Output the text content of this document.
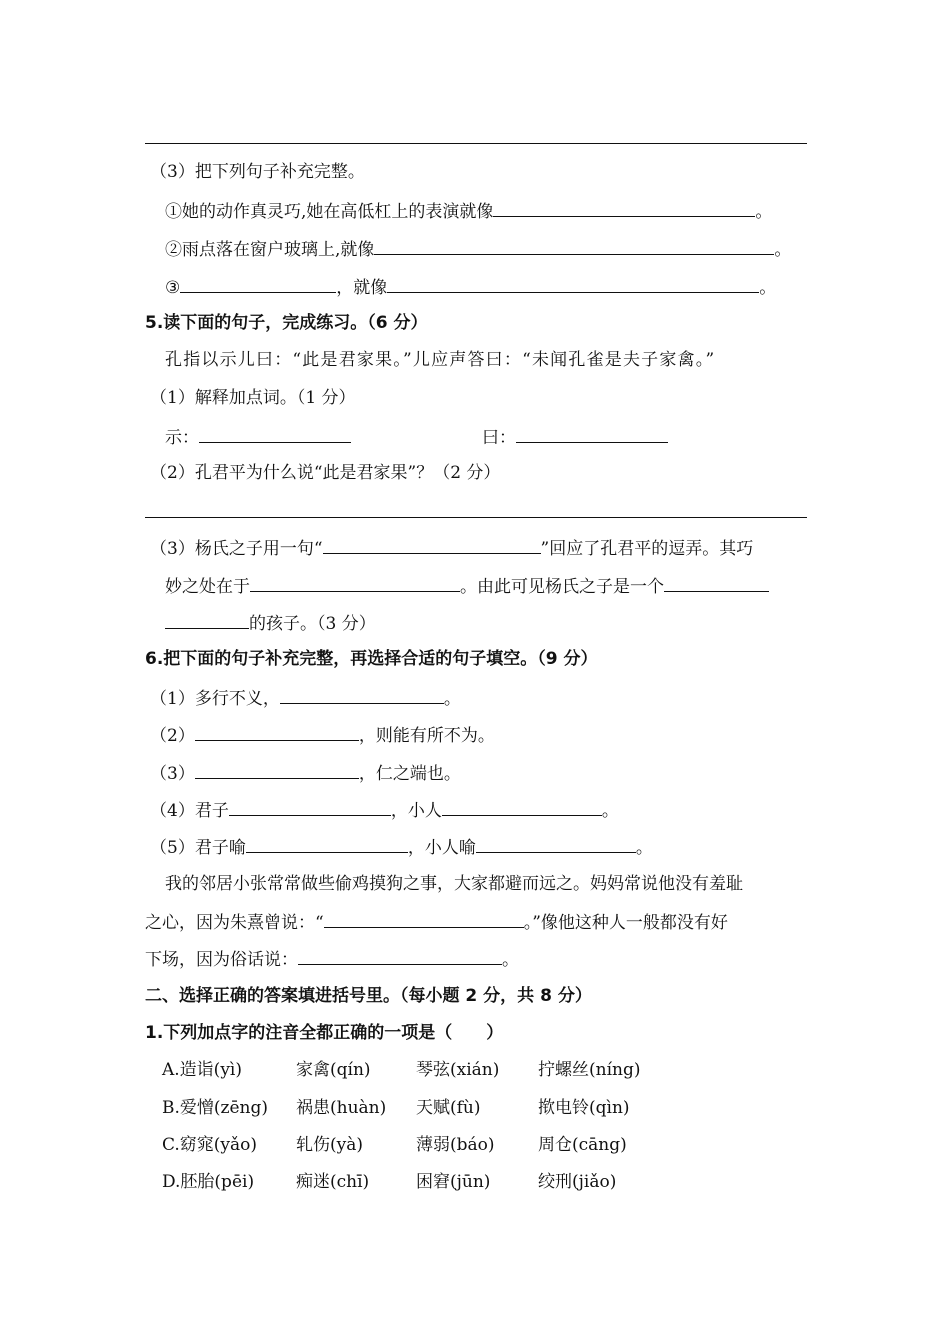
（3）把下列句子补充完整。
①她的动作真灵巧,她在高低杠上的表演就像	。
②雨点落在窗户玻璃上,就像	。
③	，就像	。
5.读下面的句子，完成练习。（6 分）
孔指以示儿曰：“此是君家果。”儿应声答曰：“未闻孔雀是夫子家禽。”
（1）解释加点词。（1 分）
示：	曰：
（2）孔君平为什么说“此是君家果”？（2 分）
（3）杨氏之子用一句“	”回应了孔君平的逗弄。其巧
妙之处在于	。由此可见杨氏之子是一个
的孩子。（3 分）
6.把下面的句子补充完整，再选择合适的句子填空。（9 分）
（1）多行不义，	。
（2）	，则能有所不为。
（3）	，仁之端也。
（4）君子	，小人	。
（5）君子喻	，小人喻	。
我的邻居小张常常做些偷鸡摸狗之事，大家都避而远之。妈妈常说他没有羞耻
之心，因为朱熹曾说：“	。”像他这种人一般都没有好
下场，因为俗话说：	。
二、选择正确的答案填进括号里。（每小题 2 分，共 8 分）
1.下列加点字的注音全都正确的一项是（　　）
A.造诣(yì)	家禽(qín)	琴弦(xián) 拧螺丝(níng)
B.爱憎(zēng) 祸患(huàn) 天赋(fù)	揿电铃(qìn)
C.窈窕(yǎo) 轧伤(yà)	薄弱(báo)	周仓(cāng)
D.胚胎(pēi) 痴迷(chī)	困窘(jūn)	绞刑(jiǎo)
